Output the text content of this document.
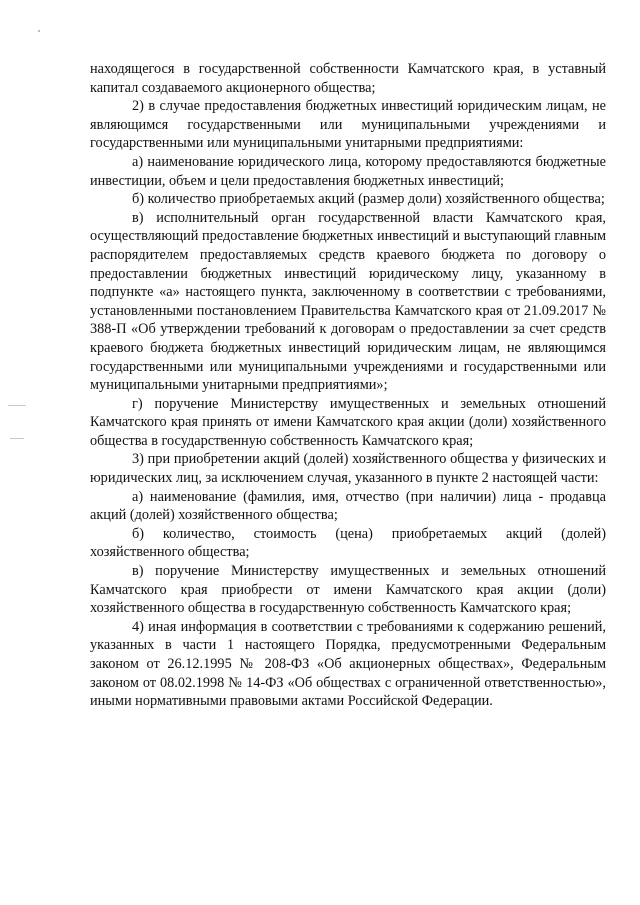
находящегося в государственной собственности Камчатского края, в уставный капитал создаваемого акционерного общества;

2) в случае предоставления бюджетных инвестиций юридическим лицам, не являющимся государственными или муниципальными учреждениями и государственными или муниципальными унитарными предприятиями:

а) наименование юридического лица, которому предоставляются бюджетные инвестиции, объем и цели предоставления бюджетных инвестиций;

б) количество приобретаемых акций (размер доли) хозяйственного общества;

в) исполнительный орган государственной власти Камчатского края, осуществляющий предоставление бюджетных инвестиций и выступающий главным распорядителем предоставляемых средств краевого бюджета по договору о предоставлении бюджетных инвестиций юридическому лицу, указанному в подпункте «а» настоящего пункта, заключенному в соответствии с требованиями, установленными постановлением Правительства Камчатского края от 21.09.2017 № 388-П «Об утверждении требований к договорам о предоставлении за счет средств краевого бюджета бюджетных инвестиций юридическим лицам, не являющимся государственными или муниципальными учреждениями и государственными или муниципальными унитарными предприятиями»;

г) поручение Министерству имущественных и земельных отношений Камчатского края принять от имени Камчатского края акции (доли) хозяйственного общества в государственную собственность Камчатского края;

3) при приобретении акций (долей) хозяйственного общества у физических и юридических лиц, за исключением случая, указанного в пункте 2 настоящей части:

а) наименование (фамилия, имя, отчество (при наличии) лица - продавца акций (долей) хозяйственного общества;

б) количество, стоимость (цена) приобретаемых акций (долей) хозяйственного общества;

в) поручение Министерству имущественных и земельных отношений Камчатского края приобрести от имени Камчатского края акции (доли) хозяйственного общества в государственную собственность Камчатского края;

4) иная информация в соответствии с требованиями к содержанию решений, указанных в части 1 настоящего Порядка, предусмотренными Федеральным законом от 26.12.1995 № 208-ФЗ «Об акционерных обществах», Федеральным законом от 08.02.1998 № 14-ФЗ «Об обществах с ограниченной ответственностью», иными нормативными правовыми актами Российской Федерации.
